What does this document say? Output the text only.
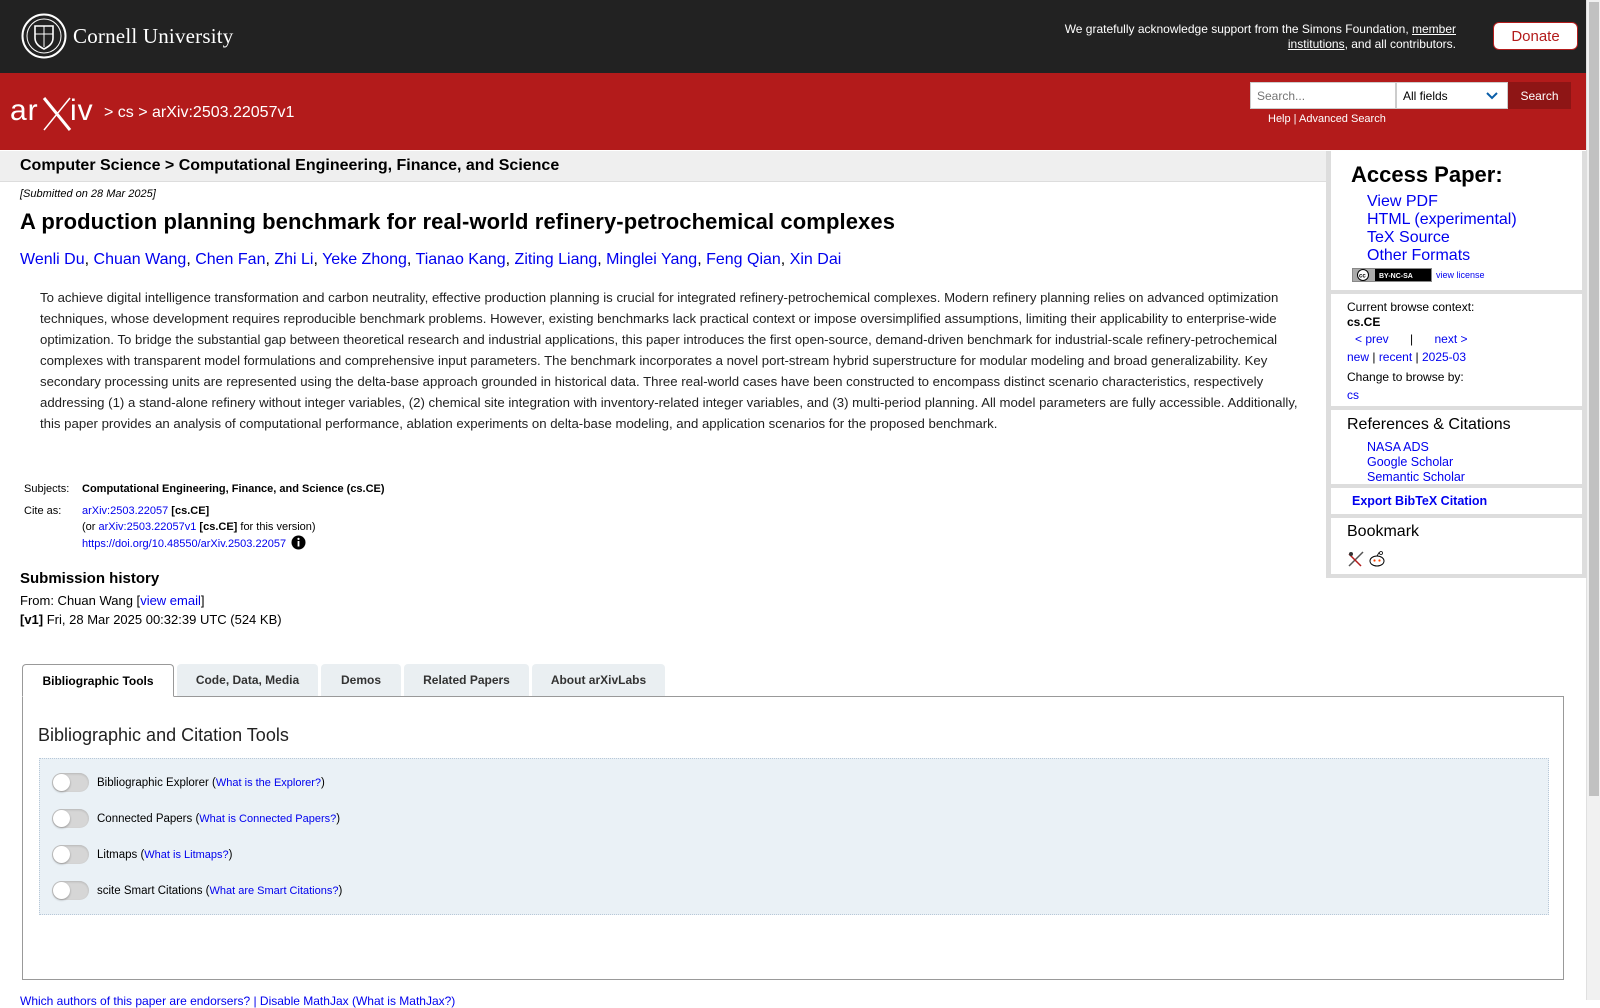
Cornell University	We gratefully acknowledge support from the Simons Foundation, member institutions, and all contributors.	Donate
ar iv > cs > arXiv:2503.22057v1
Search...
All fields	Search
Help | Advanced Search
Computer Science > Computational Engineering, Finance, and Science
[Submitted on 28 Mar 2025]
A production planning benchmark for real-world refinery-petrochemical complexes
Wenli Du, Chuan Wang, Chen Fan, Zhi Li, Yeke Zhong, Tianao Kang, Ziting Liang, Minglei Yang, Feng Qian, Xin Dai
To achieve digital intelligence transformation and carbon neutrality, effective production planning is crucial for integrated refinery-petrochemical complexes. Modern refinery planning relies on advanced optimization techniques, whose development requires reproducible benchmark problems. However, existing benchmarks lack practical context or impose oversimplified assumptions, limiting their applicability to enterprise-wide optimization. To bridge the substantial gap between theoretical research and industrial applications, this paper introduces the first open-source, demand-driven benchmark for industrial-scale refinery-petrochemical complexes with transparent model formulations and comprehensive input parameters. The benchmark incorporates a novel port-stream hybrid superstructure for modular modeling and broad generalizability. Key secondary processing units are represented using the delta-base approach grounded in historical data. Three real-world cases have been constructed to encompass distinct scenario characteristics, respectively addressing (1) a stand-alone refinery without integer variables, (2) chemical site integration with inventory-related integer variables, and (3) multi-period planning. All model parameters are fully accessible. Additionally, this paper provides an analysis of computational performance, ablation experiments on delta-base modeling, and application scenarios for the proposed benchmark.
Subjects:	Computational Engineering, Finance, and Science (cs.CE)
Cite as:	arXiv:2503.22057 [cs.CE]
(or arXiv:2503.22057v1 [cs.CE] for this version)
https://doi.org/10.48550/arXiv.2503.22057
Submission history
From: Chuan Wang [view email]
[v1] Fri, 28 Mar 2025 00:32:39 UTC (524 KB)
Access Paper:
View PDF
HTML (experimental)
TeX Source
Other Formats
cc BY-NC-SA	view license
Current browse context:
cs.CE
< prev | next >
new | recent | 2025-03
Change to browse by:
cs
References & Citations
NASA ADS
Google Scholar
Semantic Scholar
Export BibTeX Citation
Bookmark
Bibliographic Tools	Code, Data, Media	Demos	Related Papers	About arXivLabs
Bibliographic and Citation Tools
Bibliographic Explorer ( What is the Explorer? )
Connected Papers ( What is Connected Papers? )
Litmaps ( What is Litmaps? )
scite Smart Citations ( What are Smart Citations? )
Which authors of this paper are endorsers? | Disable MathJax (What is MathJax?)
